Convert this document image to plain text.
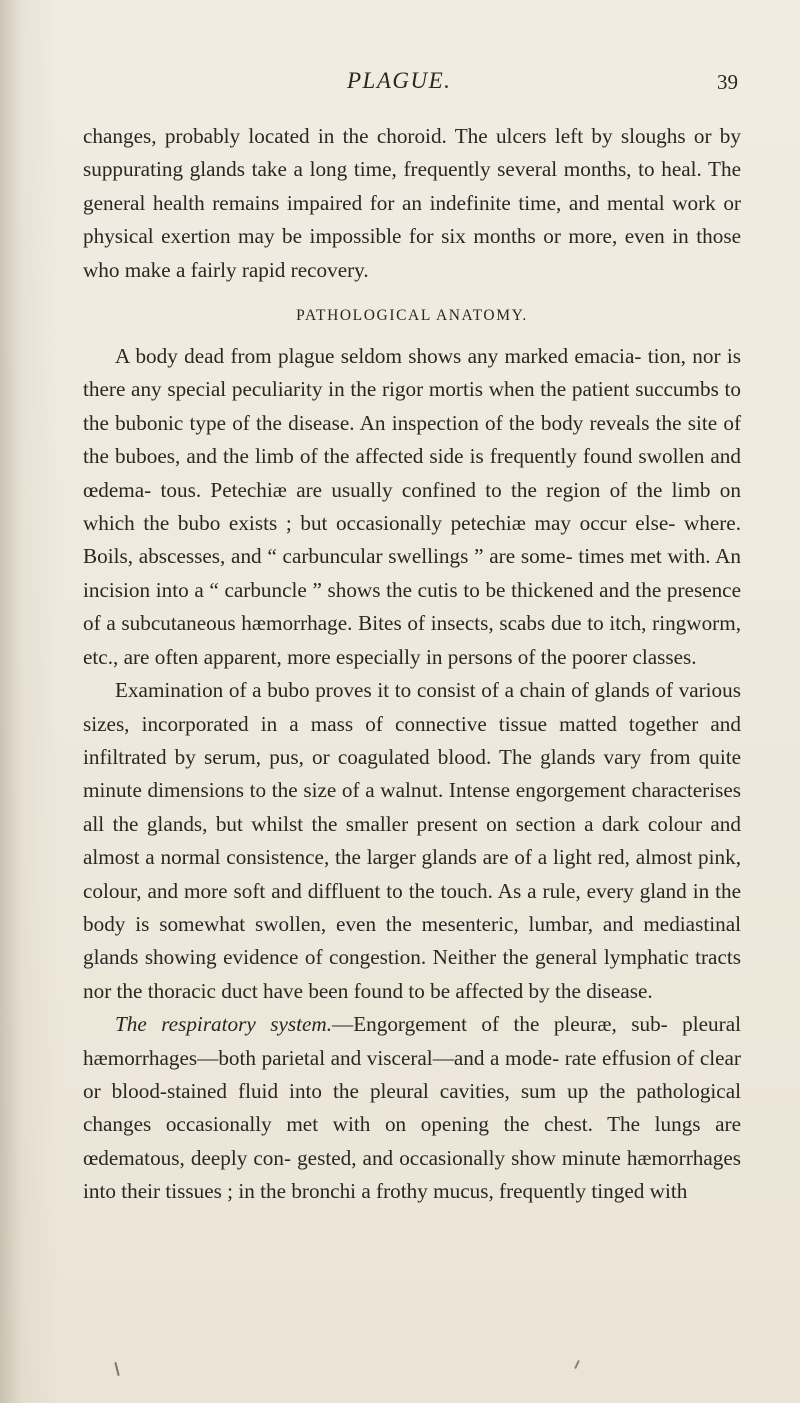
PLAGUE.	39

changes, probably located in the choroid. The ulcers left by sloughs or by suppurating glands take a long time, frequently several months, to heal. The general health remains impaired for an indefinite time, and mental work or physical exertion may be impossible for six months or more, even in those who make a fairly rapid recovery.

PATHOLOGICAL ANATOMY.

A body dead from plague seldom shows any marked emacia- tion, nor is there any special peculiarity in the rigor mortis when the patient succumbs to the bubonic type of the disease. An inspection of the body reveals the site of the buboes, and the limb of the affected side is frequently found swollen and œdema- tous. Petechiæ are usually confined to the region of the limb on which the bubo exists ; but occasionally petechiæ may occur else- where. Boils, abscesses, and “ carbuncular swellings ” are some- times met with. An incision into a “ carbuncle ” shows the cutis to be thickened and the presence of a subcutaneous hæmorrhage. Bites of insects, scabs due to itch, ringworm, etc., are often apparent, more especially in persons of the poorer classes.

Examination of a bubo proves it to consist of a chain of glands of various sizes, incorporated in a mass of connective tissue matted together and infiltrated by serum, pus, or coagulated blood. The glands vary from quite minute dimensions to the size of a walnut. Intense engorgement characterises all the glands, but whilst the smaller present on section a dark colour and almost a normal consistence, the larger glands are of a light red, almost pink, colour, and more soft and diffluent to the touch. As a rule, every gland in the body is somewhat swollen, even the mesenteric, lumbar, and mediastinal glands showing evidence of congestion. Neither the general lymphatic tracts nor the thoracic duct have been found to be affected by the disease.

The respiratory system.—Engorgement of the pleuræ, sub- pleural hæmorrhages—both parietal and visceral—and a mode- rate effusion of clear or blood-stained fluid into the pleural cavities, sum up the pathological changes occasionally met with on opening the chest. The lungs are œdematous, deeply con- gested, and occasionally show minute hæmorrhages into their tissues ; in the bronchi a frothy mucus, frequently tinged with
